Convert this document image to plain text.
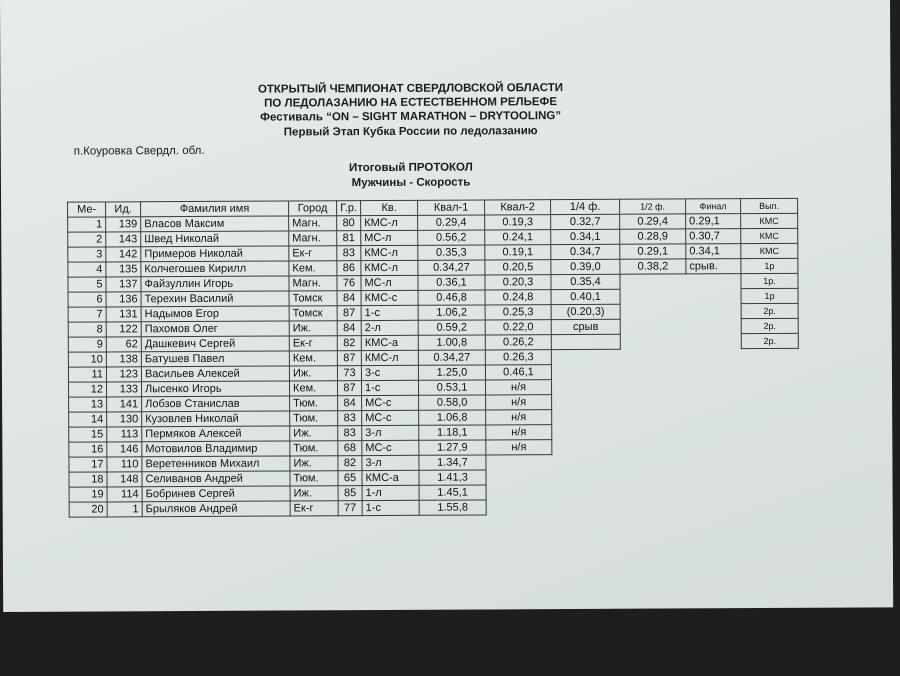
ОТКРЫТЫЙ ЧЕМПИОНАТ СВЕРДЛОВСКОЙ ОБЛАСТИ

ПО ЛЕДОЛАЗАНИЮ НА ЕСТЕСТВЕННОМ РЕЛЬЕФЕ

Фестиваль “ON – SIGHT MARATHON – DRYTOOLING”

Первый Этап Кубка России по ледолазанию

п.Коуровка Свердл. обл.

Итоговый ПРОТОКОЛ

Мужчины - Скорость

Ме-	Ид.	Фамилия имя	Город	Г.р.	Кв.	Квал-1	Квал-2	1/4 ф.	1/2 ф.	Финал	Вып.
1	139	Власов Максим	Магн.	80	КМС-л	0.29,4	0.19,3	0.32,7	0.29,4	0.29,1	КМС
2	143	Швед Николай	Магн.	81	МС-л	0.56,2	0.24,1	0.34,1	0.28,9	0.30,7	КМС
3	142	Примеров Николай	Ек-г	83	КМС-л	0.35,3	0.19,1	0.34,7	0.29,1	0.34,1	КМС
4	135	Колчегошев Кирилл	Кем.	86	КМС-л	0.34,27	0.20,5	0.39,0	0.38,2	срыв.	1р
5	137	Файзуллин Игорь	Магн.	76	МС-л	0.36,1	0.20,3	0.35,4			1р.
6	136	Терехин Василий	Томск	84	КМС-с	0.46,8	0.24,8	0.40,1			1р
7	131	Надымов Егор	Томск	87	1-с	1.06,2	0.25,3	(0.20,3)			2р.
8	122	Пахомов Олег	Иж.	84	2-л	0.59,2	0.22,0	срыв			2р.
9	62	Дашкевич Сергей	Ек-г	82	КМС-а	1.00,8	0.26,2				2р.
10	138	Батушев Павел	Кем.	87	КМС-л	0.34,27	0.26,3				
11	123	Васильев Алексей	Иж.	73	3-с	1.25,0	0.46,1				
12	133	Лысенко Игорь	Кем.	87	1-с	0.53,1	н/я				
13	141	Лобзов Станислав	Тюм.	84	МС-с	0.58,0	н/я				
14	130	Кузовлев Николай	Тюм.	83	МС-с	1.06,8	н/я				
15	113	Пермяков Алексей	Иж.	83	3-л	1.18,1	н/я				
16	146	Мотовилов Владимир	Тюм.	68	МС-с	1.27,9	н/я				
17	110	Веретенников Михаил	Иж.	82	3-л	1.34,7					
18	148	Селиванов Андрей	Тюм.	65	КМС-а	1.41,3					
19	114	Бобринев Сергей	Иж.	85	1-л	1.45,1					
20	1	Брыляков Андрей	Ек-г	77	1-с	1.55,8					
